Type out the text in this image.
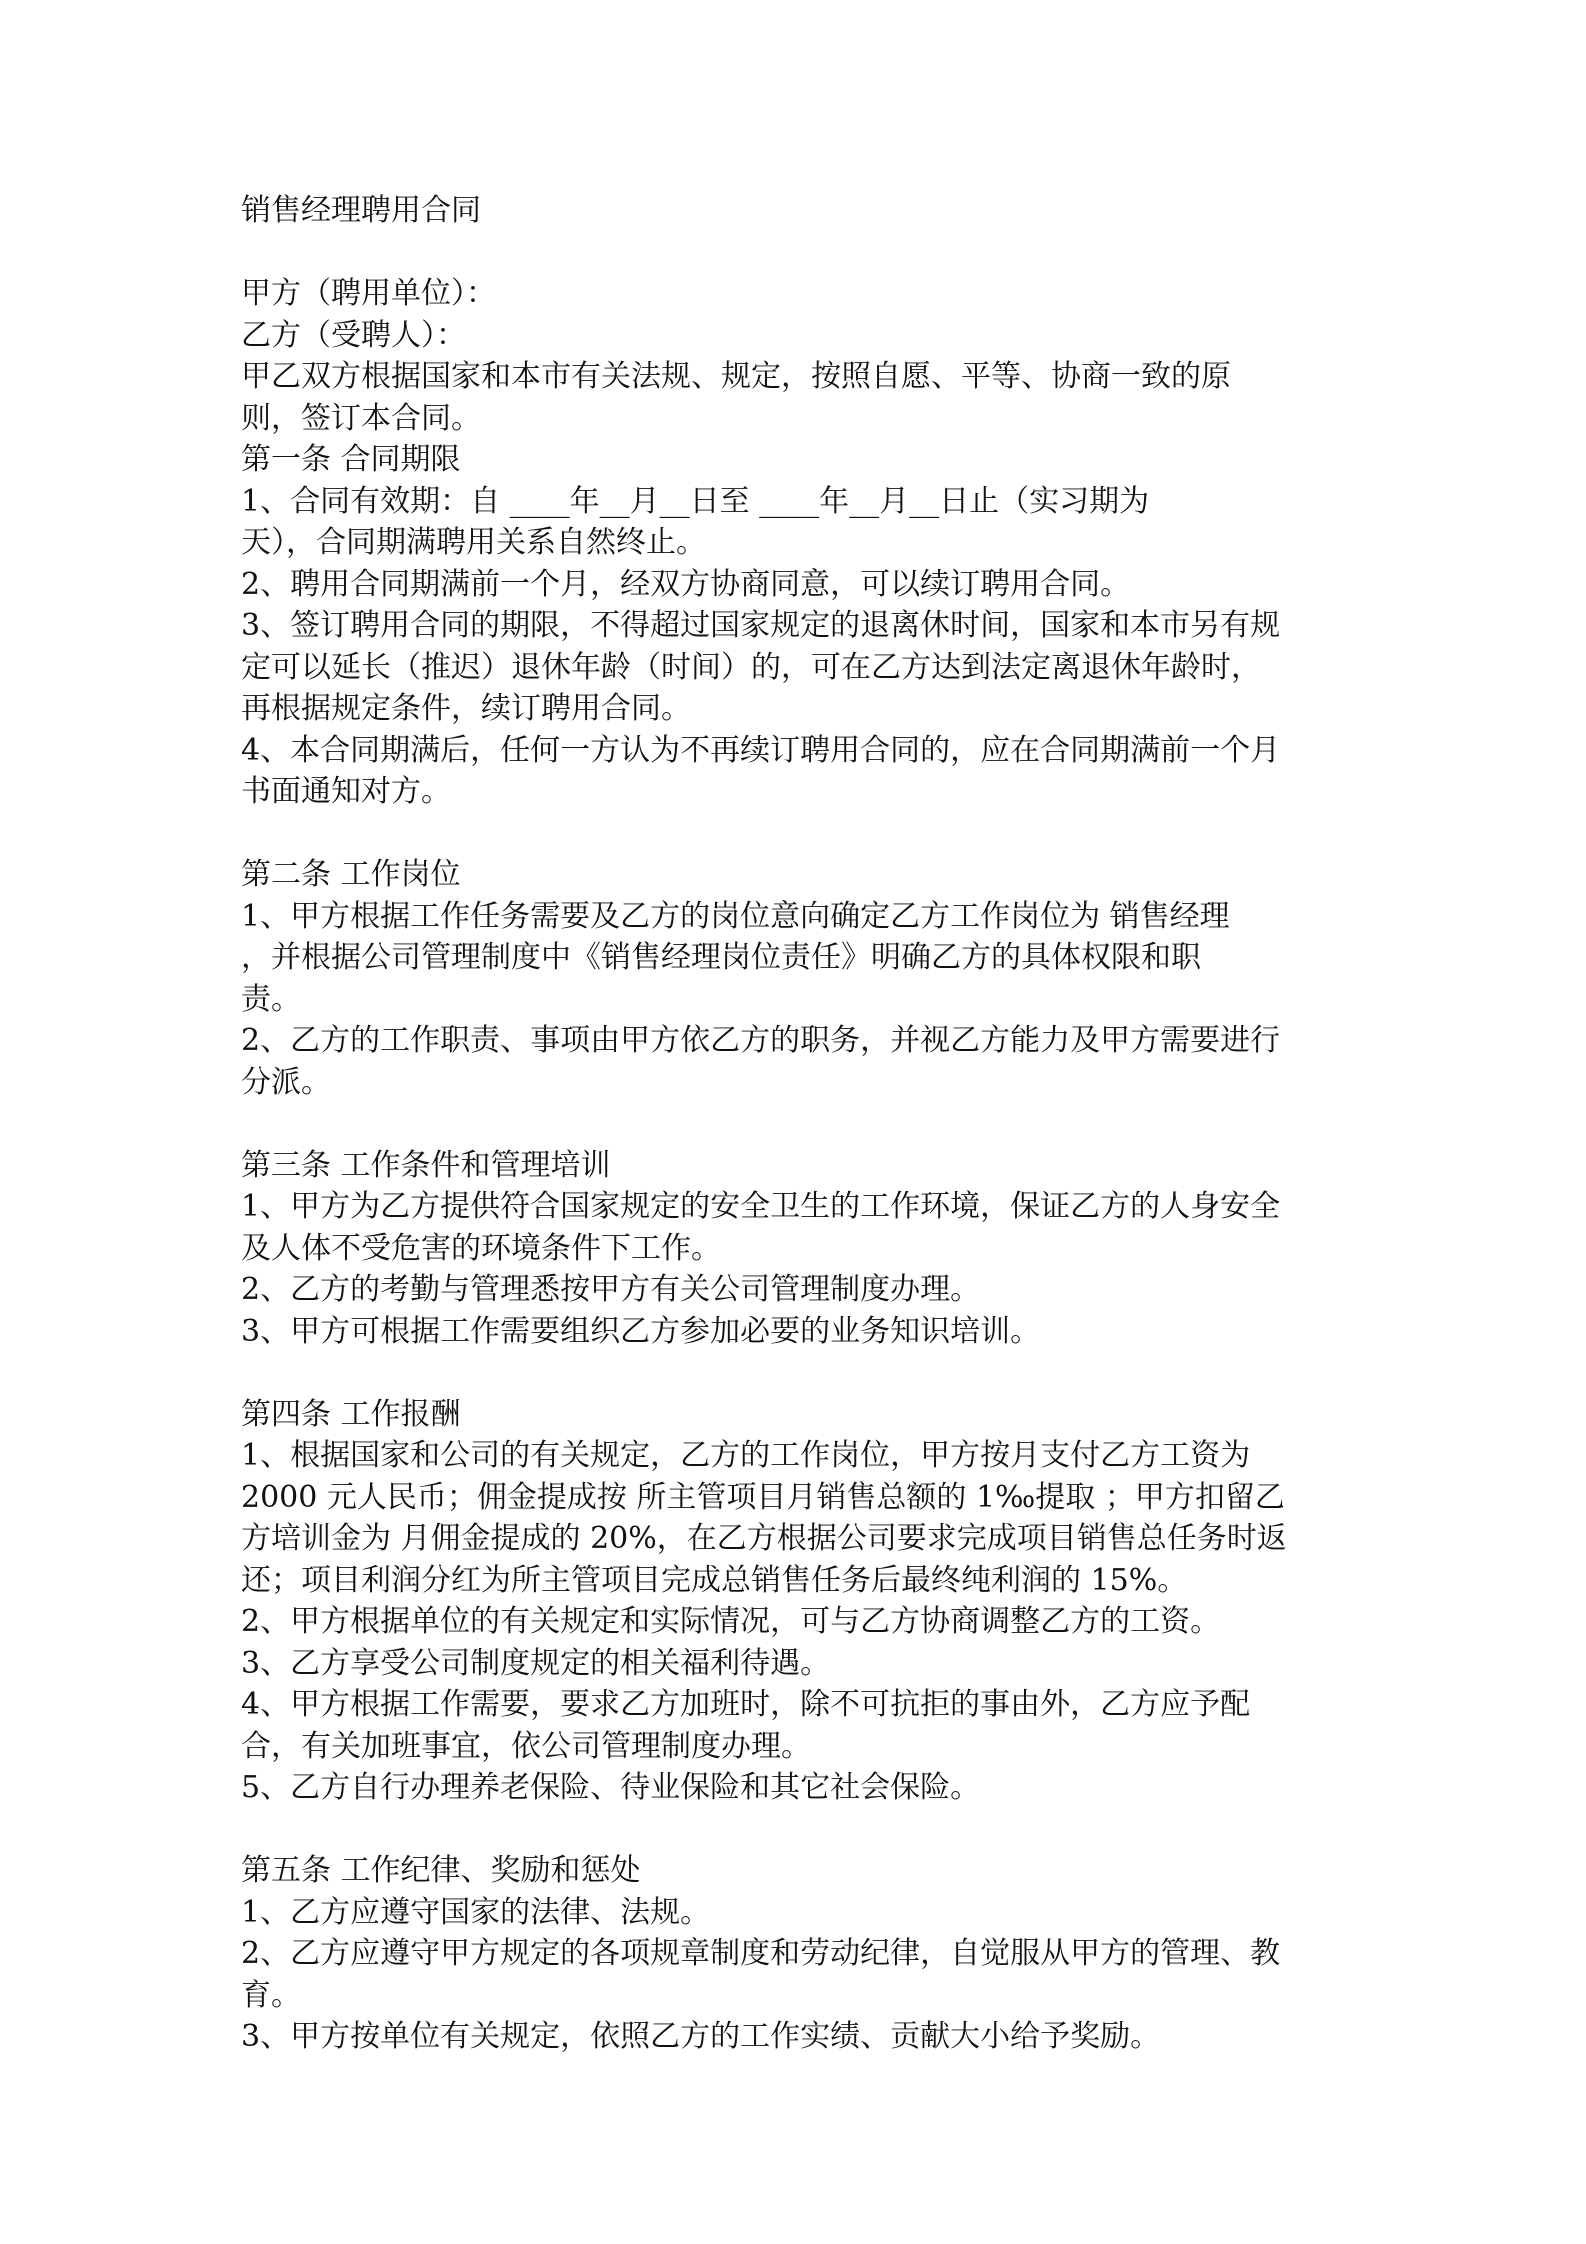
销售经理聘用合同
甲方（聘用单位）：
乙方（受聘人）：
甲乙双方根据国家和本市有关法规、规定，按照自愿、平等、协商一致的原
则，签订本合同。
第一条 合同期限
1、合同有效期：自 ____年__月__日至 ____年__月__日止（实习期为
天），合同期满聘用关系自然终止。
2、聘用合同期满前一个月，经双方协商同意，可以续订聘用合同。
3、签订聘用合同的期限，不得超过国家规定的退离休时间，国家和本市另有规
定可以延长（推迟）退休年龄（时间）的，可在乙方达到法定离退休年龄时，
再根据规定条件，续订聘用合同。
4、本合同期满后，任何一方认为不再续订聘用合同的，应在合同期满前一个月
书面通知对方。
第二条 工作岗位
1、甲方根据工作任务需要及乙方的岗位意向确定乙方工作岗位为 销售经理
，并根据公司管理制度中《销售经理岗位责任》明确乙方的具体权限和职
责。
2、乙方的工作职责、事项由甲方依乙方的职务，并视乙方能力及甲方需要进行
分派。
第三条 工作条件和管理培训
1、甲方为乙方提供符合国家规定的安全卫生的工作环境，保证乙方的人身安全
及人体不受危害的环境条件下工作。
2、乙方的考勤与管理悉按甲方有关公司管理制度办理。
3、甲方可根据工作需要组织乙方参加必要的业务知识培训。
第四条 工作报酬
1、根据国家和公司的有关规定，乙方的工作岗位，甲方按月支付乙方工资为
2000 元人民币；佣金提成按 所主管项目月销售总额的 1‰提取 ；甲方扣留乙
方培训金为 月佣金提成的 20%，在乙方根据公司要求完成项目销售总任务时返
还；项目利润分红为所主管项目完成总销售任务后最终纯利润的 15%。
2、甲方根据单位的有关规定和实际情况，可与乙方协商调整乙方的工资。
3、乙方享受公司制度规定的相关福利待遇。
4、甲方根据工作需要，要求乙方加班时，除不可抗拒的事由外，乙方应予配
合，有关加班事宜，依公司管理制度办理。
5、乙方自行办理养老保险、待业保险和其它社会保险。
第五条 工作纪律、奖励和惩处
1、乙方应遵守国家的法律、法规。
2、乙方应遵守甲方规定的各项规章制度和劳动纪律，自觉服从甲方的管理、教
育。
3、甲方按单位有关规定，依照乙方的工作实绩、贡献大小给予奖励。
